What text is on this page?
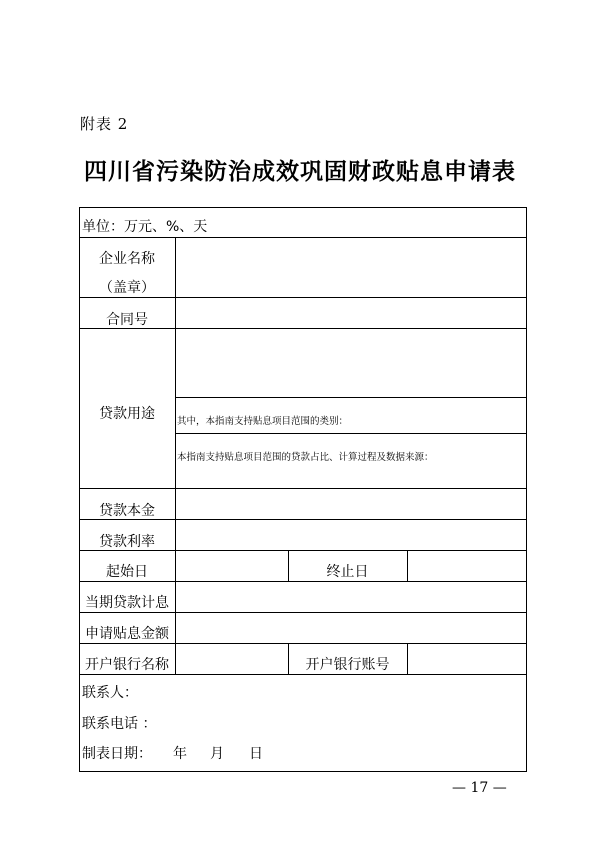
附表 2
四川省污染防治成效巩固财政贴息申请表
单位：万元、%、天
企业名称
（盖章）
合同号
贷款用途	其中，本指南支持贴息项目范围的类别：
本指南支持贴息项目范围的贷款占比、计算过程及数据来源：
贷款本金
贷款利率
起始日	终止日
当期贷款计息
申请贴息金额
开户银行名称	开户银行账号
联系人：
联系电话 ：
制表日期： 年 月 日
— 17 —
